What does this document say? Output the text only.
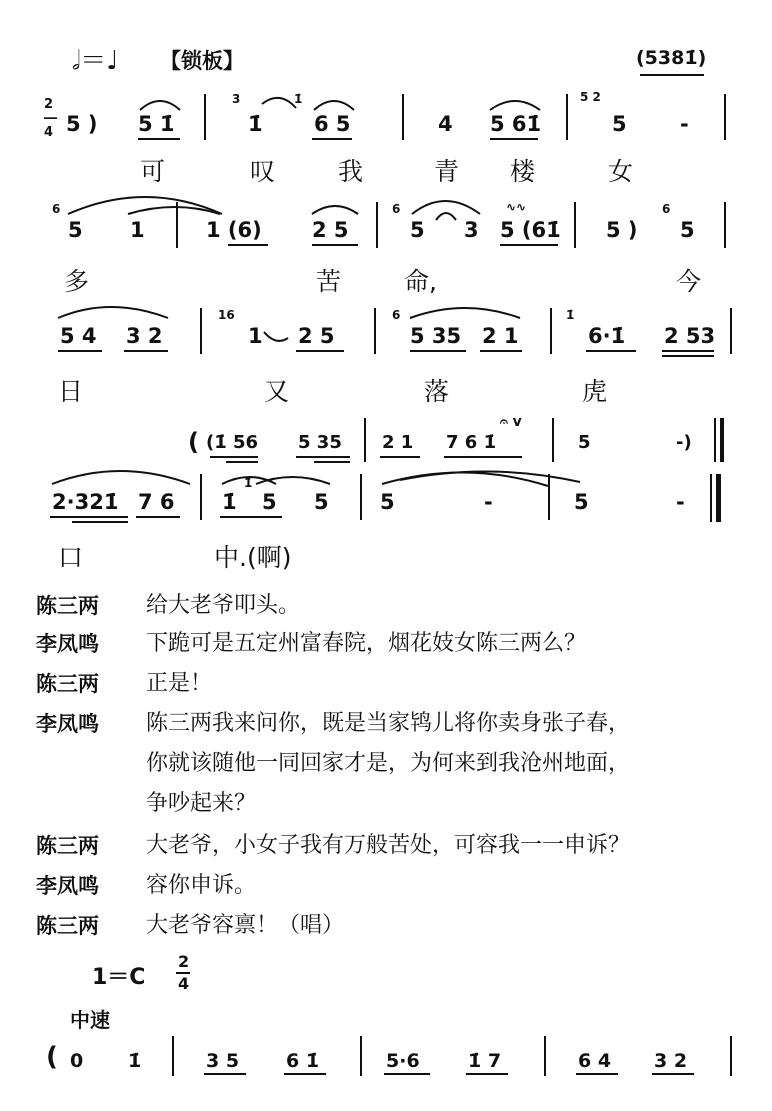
𝅗𝅥＝♩ 【锁板】	(5381̇)
2
―
4 5 ) 5 1̇
3
1̇
1̇
6 5	4 5 61̇
5 2
5	-
可	叹	我	青 楼	女
6
5 1	1 (6) 2 5
6
5 3 5 (61̇
∿∿
5 )
6
5
多	苦	命,	今
5 4 3 2
16
1 2 5
6
5 35 2 1
1̇
6·1̇ 2 53
日	又	落	虎
( (1̇ 56 5 35 2 1 7 6 1̇
𝄐 v
5	-)
2·321̇ 7 6 1̇
1̇
5 5 5	-	5	-
口	中.(啊)
陈三两 给大老爷叩头。
李凤鸣 下跪可是五定州富春院，烟花妓女陈三两么？
陈三两 正是！
李凤鸣 陈三两我来问你，既是当家鸨儿将你卖身张子春，
你就该随他一同回家才是，为何来到我沧州地面，
争吵起来？
陈三两 大老爷，小女子我有万般苦处，可容我一一申诉？
李凤鸣 容你申诉。
陈三两 大老爷容禀！（唱）
1＝C
2
4
中速
( 0 1̇	3 5 6 1̇	5·6	1̇ 7	6 4 3 2
